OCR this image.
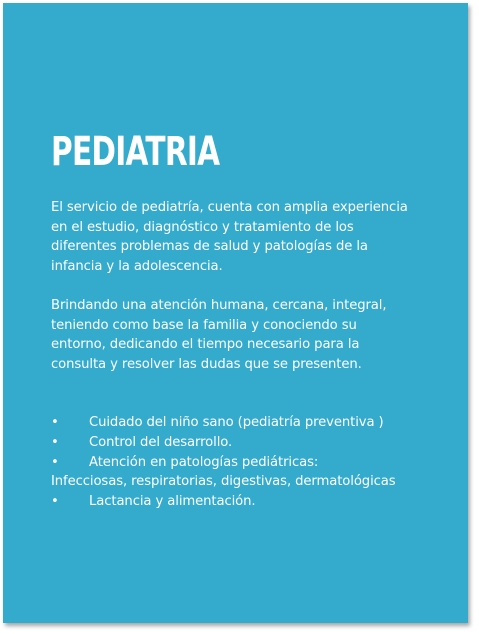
PEDIATRIA

El servicio de pediatría, cuenta con amplia experiencia
en el estudio, diagnóstico y tratamiento de los
diferentes problemas de salud y patologías de la
infancia y la adolescencia.

Brindando una atención humana, cercana, integral,
teniendo como base la familia y conociendo su
entorno, dedicando el tiempo necesario para la
consulta y resolver las dudas que se presenten.

• Cuidado del niño sano (pediatría preventiva )
• Control del desarrollo.
• Atención en patologías pediátricas:
Infecciosas, respiratorias, digestivas, dermatológicas
• Lactancia y alimentación.
